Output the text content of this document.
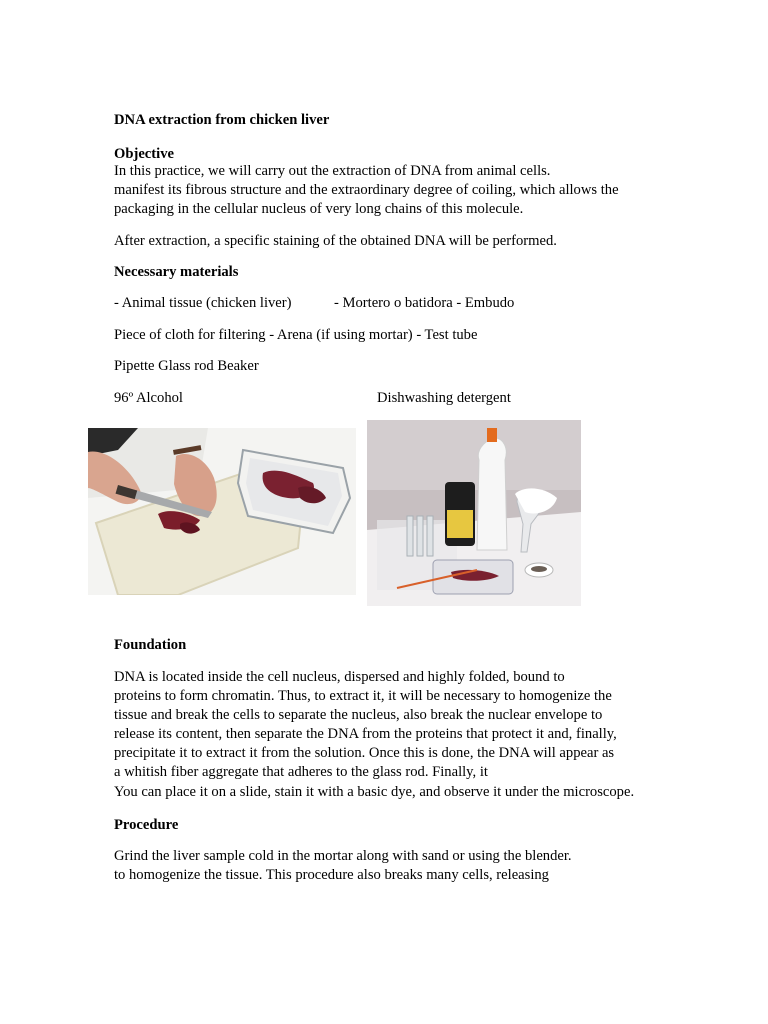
DNA extraction from chicken liver
Objective
In this practice, we will carry out the extraction of DNA from animal cells.
manifest its fibrous structure and the extraordinary degree of coiling, which allows the
packaging in the cellular nucleus of very long chains of this molecule.
After extraction, a specific staining of the obtained DNA will be performed.
Necessary materials
- Animal tissue (chicken liver)	- Mortero o batidora - Embudo
Piece of cloth for filtering - Arena (if using mortar) - Test tube
Pipette Glass rod Beaker
96º Alcohol	Dishwashing detergent
Foundation
DNA is located inside the cell nucleus, dispersed and highly folded, bound to
proteins to form chromatin. Thus, to extract it, it will be necessary to homogenize the
tissue and break the cells to separate the nucleus, also break the nuclear envelope to
release its content, then separate the DNA from the proteins that protect it and, finally,
precipitate it to extract it from the solution. Once this is done, the DNA will appear as
a whitish fiber aggregate that adheres to the glass rod. Finally, it
You can place it on a slide, stain it with a basic dye, and observe it under the microscope.
Procedure
Grind the liver sample cold in the mortar along with sand or using the blender.
to homogenize the tissue. This procedure also breaks many cells, releasing
